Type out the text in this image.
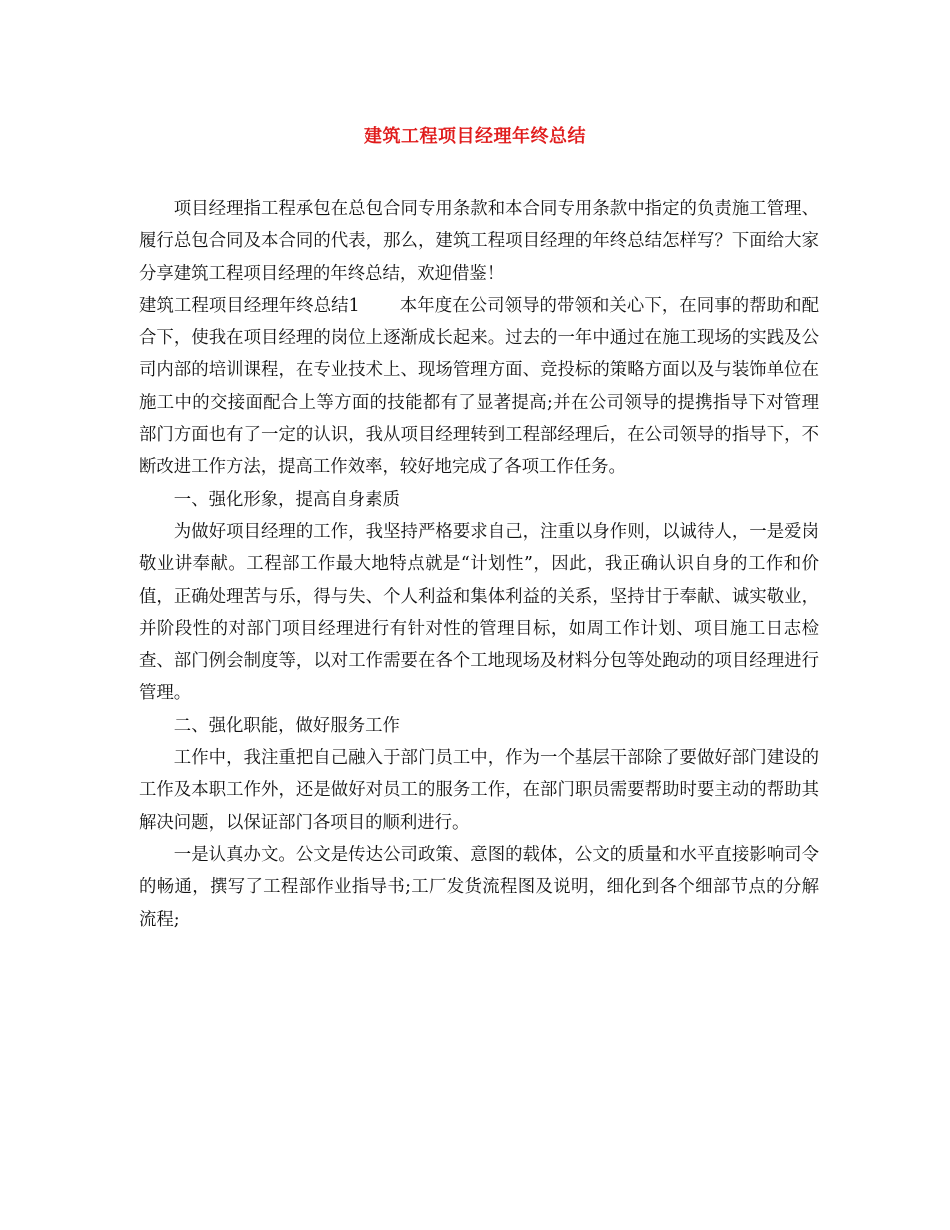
建筑工程项目经理年终总结

项目经理指工程承包在总包合同专用条款和本合同专用条款中指定的负责施工管理、履行总包合同及本合同的代表，那么，建筑工程项目经理的年终总结怎样写？下面给大家分享建筑工程项目经理的年终总结，欢迎借鉴！

建筑工程项目经理年终总结1 本年度在公司领导的带领和关心下，在同事的帮助和配合下，使我在项目经理的岗位上逐渐成长起来。过去的一年中通过在施工现场的实践及公司内部的培训课程，在专业技术上、现场管理方面、竞投标的策略方面以及与装饰单位在施工中的交接面配合上等方面的技能都有了显著提高;并在公司领导的提携指导下对管理部门方面也有了一定的认识，我从项目经理转到工程部经理后，在公司领导的指导下，不断改进工作方法，提高工作效率，较好地完成了各项工作任务。

一、强化形象，提高自身素质

为做好项目经理的工作，我坚持严格要求自己，注重以身作则，以诚待人，一是爱岗敬业讲奉献。工程部工作最大地特点就是“计划性”，因此，我正确认识自身的工作和价值，正确处理苦与乐，得与失、个人利益和集体利益的关系，坚持甘于奉献、诚实敬业，并阶段性的对部门项目经理进行有针对性的管理目标，如周工作计划、项目施工日志检查、部门例会制度等，以对工作需要在各个工地现场及材料分包等处跑动的项目经理进行管理。

二、强化职能，做好服务工作

工作中，我注重把自己融入于部门员工中，作为一个基层干部除了要做好部门建设的工作及本职工作外，还是做好对员工的服务工作，在部门职员需要帮助时要主动的帮助其解决问题，以保证部门各项目的顺利进行。

一是认真办文。公文是传达公司政策、意图的载体，公文的质量和水平直接影响司令的畅通，撰写了工程部作业指导书;工厂发货流程图及说明，细化到各个细部节点的分解流程;
